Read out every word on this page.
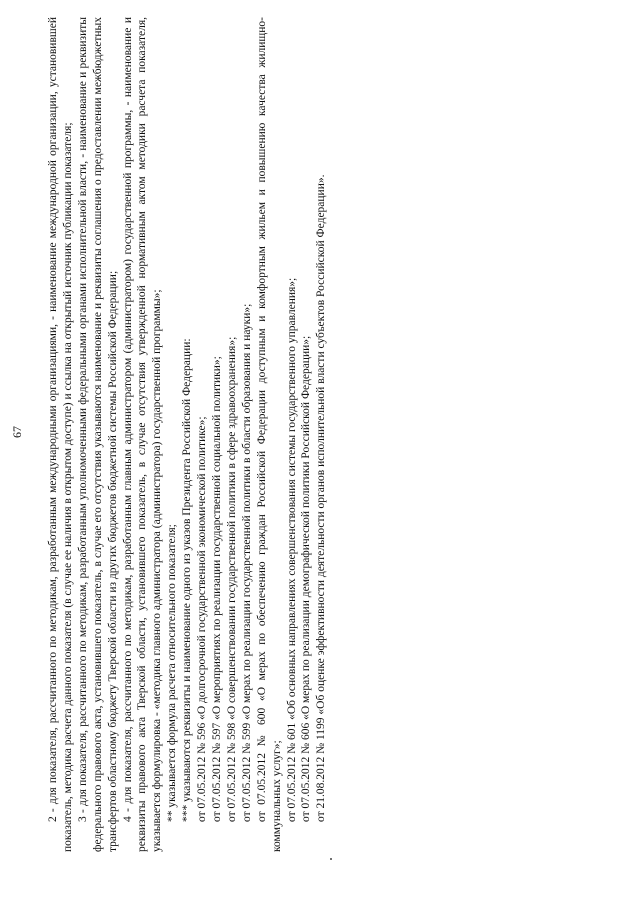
67 2 - для показателя, рассчитанного по методикам, разработанным международными организациями, - наименование международной организации, установившей показатель, методика расчета данного показателя (в случае ее наличия в открытом доступе) и ссылка на открытый источник публикации показателя; 3 - для показателя, рассчитанного по методикам, разработанным уполномоченными федеральными органами исполнительной власти, - наименование и реквизиты федерального правового акта, установившего показатель, в случае его отсутствия указываются наименование и реквизиты соглашения о предоставлении межбюджетных трансфертов областному бюджету Тверской области из других бюджетов бюджетной системы Российской Федерации; 4 - для показателя, рассчитанного по методикам, разработанным главным администратором (администратором) государственной программы, - наименование и реквизиты правового акта Тверской области, установившего показатель, в случае отсутствия утвержденной нормативным актом методики расчета показателя, указывается формулировка - «методика главного администратора (администратора) государственной программы»; ** указывается формула расчета относительного показателя; *** указываются реквизиты и наименование одного из указов Президента Российской Федерации: от 07.05.2012 № 596 «О долгосрочной государственной экономической политике»; от 07.05.2012 № 597 «О мероприятиях по реализации государственной социальной политики»; от 07.05.2012 № 598 «О совершенствовании государственной политики в сфере здравоохранения»; от 07.05.2012 № 599 «О мерах по реализации государственной политики в области образования и науки»; от 07.05.2012 № 600 «О мерах по обеспечению граждан Российской Федерации доступным и комфортным жильем и повышению качества жилищно-коммунальных услуг»; от 07.05.2012 № 601 «Об основных направлениях совершенствования системы государственного управления»; от 07.05.2012 № 606 «О мерах по реализации демографической политики Российской Федерации»; от 21.08.2012 № 1199 «Об оценке эффективности деятельности органов исполнительной власти субъектов Российской Федерации».
